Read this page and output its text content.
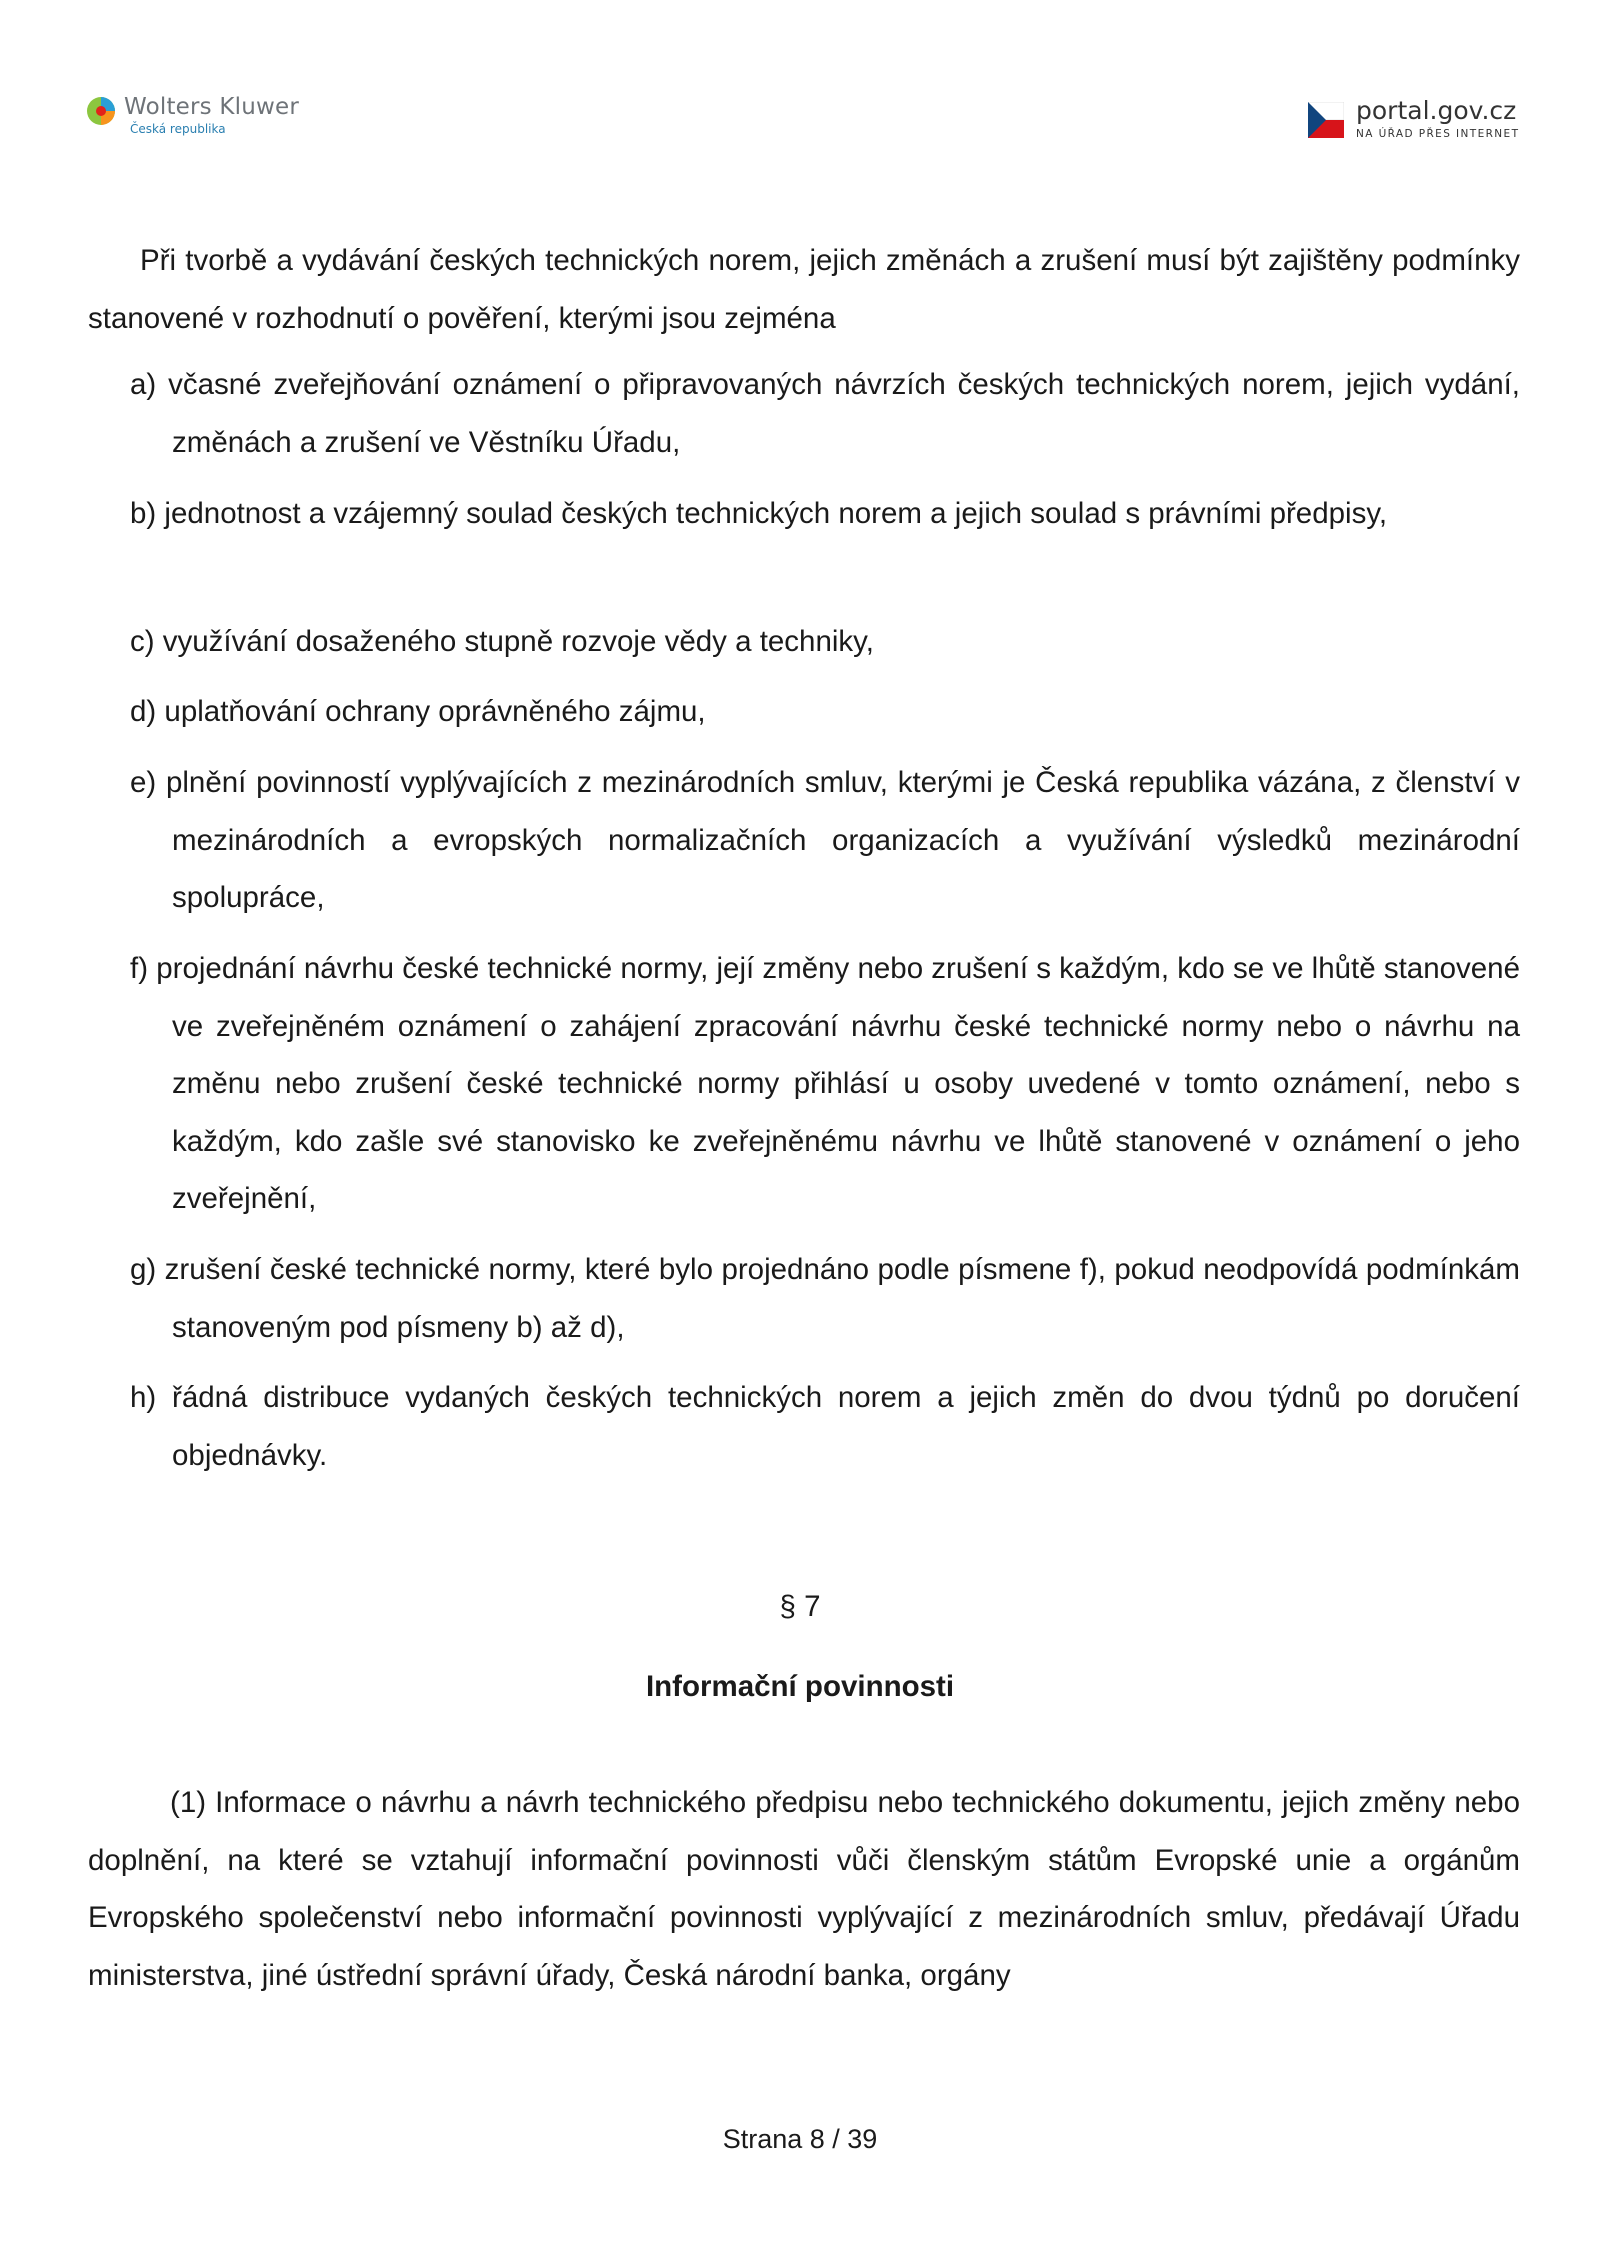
Wolters Kluwer
Česká republika
portal.gov.cz
NA ÚŘAD PŘES INTERNET
Při tvorbě a vydávání českých technických norem, jejich změnách a zrušení musí být zajištěny podmínky stanovené v rozhodnutí o pověření, kterými jsou zejména
a) včasné zveřejňování oznámení o připravovaných návrzích českých technických norem, jejich vydání, změnách a zrušení ve Věstníku Úřadu,
b) jednotnost a vzájemný soulad českých technických norem a jejich soulad s právními předpisy,
c) využívání dosaženého stupně rozvoje vědy a techniky,
d) uplatňování ochrany oprávněného zájmu,
e) plnění povinností vyplývajících z mezinárodních smluv, kterými je Česká republika vázána, z členství v mezinárodních a evropských normalizačních organizacích a využívání výsledků mezinárodní spolupráce,
f) projednání návrhu české technické normy, její změny nebo zrušení s každým, kdo se ve lhůtě stanovené ve zveřejněném oznámení o zahájení zpracování návrhu české technické normy nebo o návrhu na změnu nebo zrušení české technické normy přihlásí u osoby uvedené v tomto oznámení, nebo s každým, kdo zašle své stanovisko ke zveřejněnému návrhu ve lhůtě stanovené v oznámení o jeho zveřejnění,
g) zrušení české technické normy, které bylo projednáno podle písmene f), pokud neodpovídá podmínkám stanoveným pod písmeny b) až d),
h) řádná distribuce vydaných českých technických norem a jejich změn do dvou týdnů po doručení objednávky.
§ 7
Informační povinnosti
(1) Informace o návrhu a návrh technického předpisu nebo technického dokumentu, jejich změny nebo doplnění, na které se vztahují informační povinnosti vůči členským státům Evropské unie a orgánům Evropského společenství nebo informační povinnosti vyplývající z mezinárodních smluv, předávají Úřadu ministerstva, jiné ústřední správní úřady, Česká národní banka, orgány
Strana 8 / 39
